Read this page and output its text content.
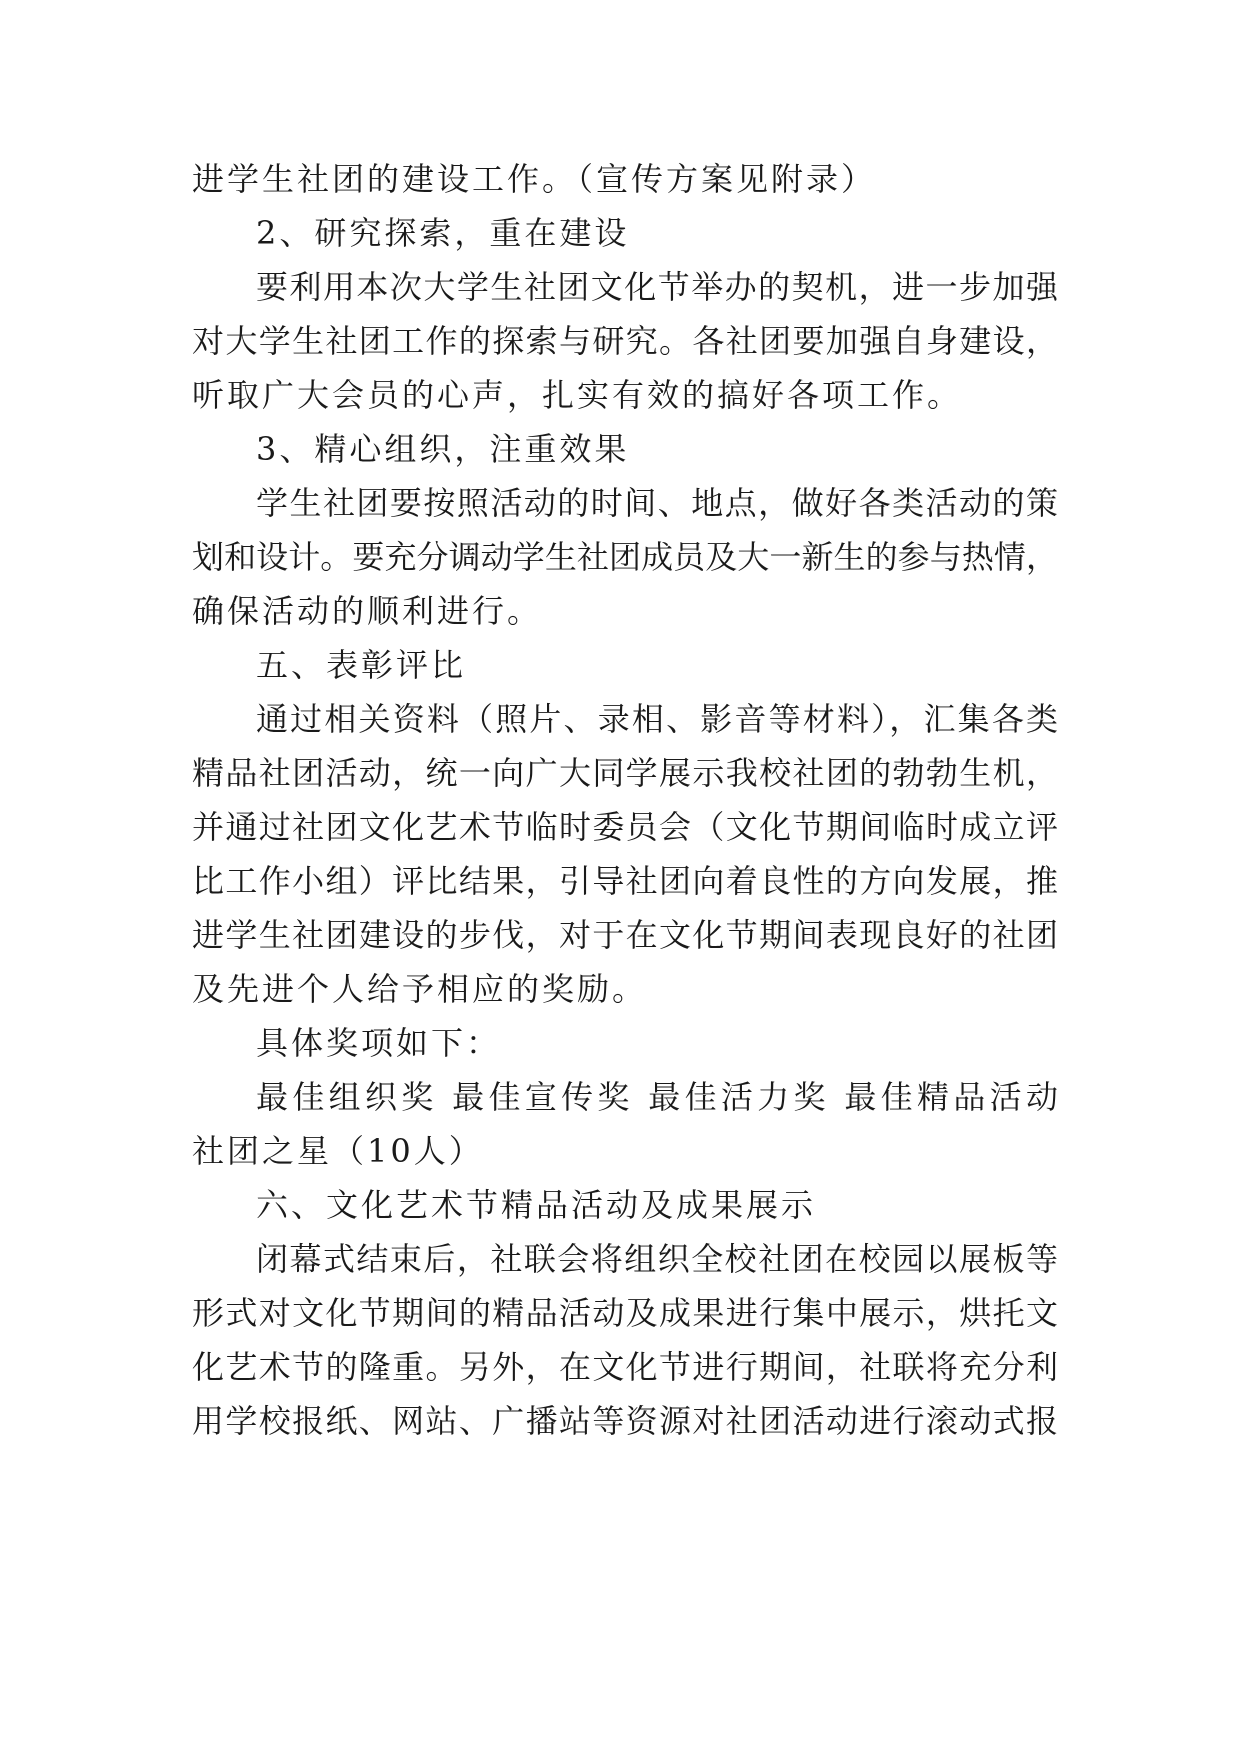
进学生社团的建设工作。（宣传方案见附录）
2、研究探索，重在建设
要利用本次大学生社团文化节举办的契机，进一步加强
对大学生社团工作的探索与研究。各社团要加强自身建设，
听取广大会员的心声，扎实有效的搞好各项工作。
3、精心组织，注重效果
学生社团要按照活动的时间、地点，做好各类活动的策
划和设计。要充分调动学生社团成员及大一新生的参与热情，
确保活动的顺利进行。
五、表彰评比
通过相关资料（照片、录相、影音等材料），汇集各类
精品社团活动，统一向广大同学展示我校社团的勃勃生机，
并通过社团文化艺术节临时委员会（文化节期间临时成立评
比工作小组）评比结果，引导社团向着良性的方向发展，推
进学生社团建设的步伐，对于在文化节期间表现良好的社团
及先进个人给予相应的奖励。
具体奖项如下：
最佳组织奖 最佳宣传奖 最佳活力奖 最佳精品活动
社团之星（10人）
六、文化艺术节精品活动及成果展示
闭幕式结束后，社联会将组织全校社团在校园以展板等
形式对文化节期间的精品活动及成果进行集中展示，烘托文
化艺术节的隆重。另外，在文化节进行期间，社联将充分利
用学校报纸、网站、广播站等资源对社团活动进行滚动式报
